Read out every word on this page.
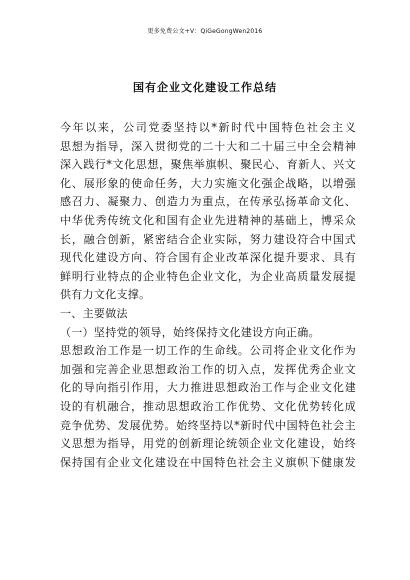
更多免费公文+V：QiGeGongWen2016
国有企业文化建设工作总结
今年以来，公司党委坚持以*新时代中国特色社会主义
思想为指导，深入贯彻党的二十大和二十届三中全会精神
深入践行*文化思想，聚焦举旗帜、聚民心、育新人、兴文
化、展形象的使命任务，大力实施文化强企战略，以增强
感召力、凝聚力、创造力为重点，在传承弘扬革命文化、
中华优秀传统文化和国有企业先进精神的基础上，博采众
长，融合创新，紧密结合企业实际，努力建设符合中国式
现代化建设方向、符合国有企业改革深化提升要求、具有
鲜明行业特点的企业特色企业文化，为企业高质量发展提
供有力文化支撑。
一、主要做法
（一）坚持党的领导，始终保持文化建设方向正确。
思想政治工作是一切工作的生命线。公司将企业文化作为
加强和完善企业思想政治工作的切入点，发挥优秀企业文
化的导向指引作用，大力推进思想政治工作与企业文化建
设的有机融合，推动思想政治工作优势、文化优势转化成
竞争优势、发展优势。始终坚持以*新时代中国特色社会主
义思想为指导，用党的创新理论统领企业文化建设，始终
保持国有企业文化建设在中国特色社会主义旗帜下健康发
